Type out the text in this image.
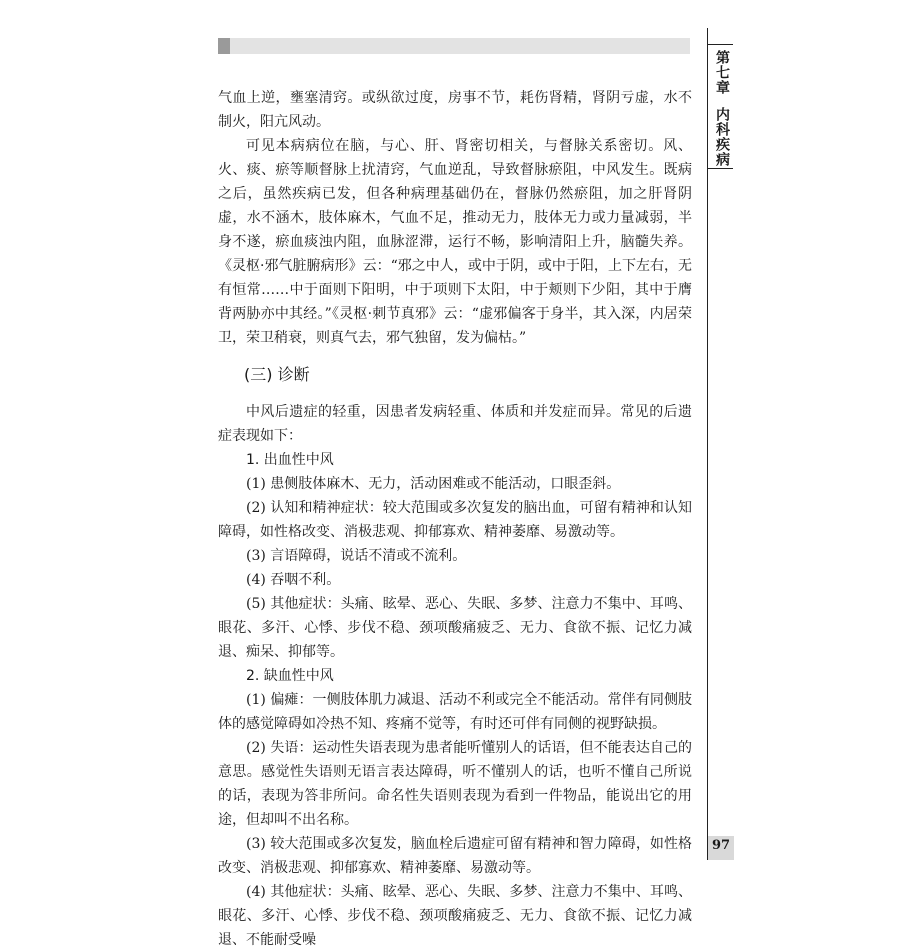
第七章内科疾病

气血上逆，壅塞清窍。或纵欲过度，房事不节，耗伤肾精，肾阴亏虚，水不制火，阳亢风动。

可见本病病位在脑，与心、肝、肾密切相关，与督脉关系密切。风、火、痰、瘀等顺督脉上扰清窍，气血逆乱，导致督脉瘀阻，中风发生。既病之后，虽然疾病已发，但各种病理基础仍在，督脉仍然瘀阻，加之肝肾阴虚，水不涵木，肢体麻木，气血不足，推动无力，肢体无力或力量减弱，半身不遂，瘀血痰浊内阻，血脉涩滞，运行不畅，影响清阳上升，脑髓失养。《灵枢·邪气脏腑病形》云：“邪之中人，或中于阴，或中于阳，上下左右，无有恒常……中于面则下阳明，中于项则下太阳，中于颊则下少阳，其中于膺背两胁亦中其经。”《灵枢·刺节真邪》云：“虚邪偏客于身半，其入深，内居荣卫，荣卫稍衰，则真气去，邪气独留，发为偏枯。”

(三) 诊断

中风后遗症的轻重，因患者发病轻重、体质和并发症而异。常见的后遗症表现如下：

1. 出血性中风

(1) 患侧肢体麻木、无力，活动困难或不能活动，口眼歪斜。

(2) 认知和精神症状：较大范围或多次复发的脑出血，可留有精神和认知障碍，如性格改变、消极悲观、抑郁寡欢、精神萎靡、易激动等。

(3) 言语障碍，说话不清或不流利。

(4) 吞咽不利。

(5) 其他症状：头痛、眩晕、恶心、失眠、多梦、注意力不集中、耳鸣、眼花、多汗、心悸、步伐不稳、颈项酸痛疲乏、无力、食欲不振、记忆力减退、痴呆、抑郁等。

2. 缺血性中风

(1) 偏瘫：一侧肢体肌力减退、活动不利或完全不能活动。常伴有同侧肢体的感觉障碍如冷热不知、疼痛不觉等，有时还可伴有同侧的视野缺损。

(2) 失语：运动性失语表现为患者能听懂别人的话语，但不能表达自己的意思。感觉性失语则无语言表达障碍，听不懂别人的话，也听不懂自己所说的话，表现为答非所问。命名性失语则表现为看到一件物品，能说出它的用途，但却叫不出名称。

(3) 较大范围或多次复发，脑血栓后遗症可留有精神和智力障碍，如性格改变、消极悲观、抑郁寡欢、精神萎靡、易激动等。

(4) 其他症状：头痛、眩晕、恶心、失眠、多梦、注意力不集中、耳鸣、眼花、多汗、心悸、步伐不稳、颈项酸痛疲乏、无力、食欲不振、记忆力减退、不能耐受噪

97
